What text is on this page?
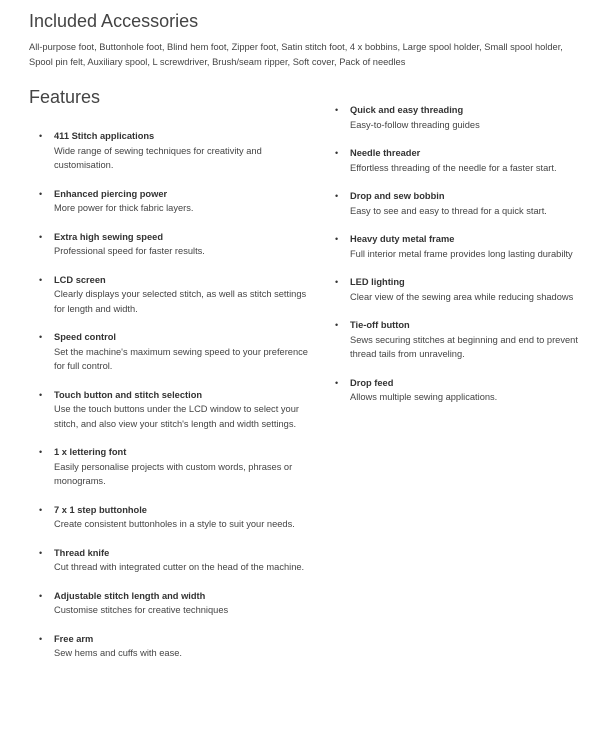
Included Accessories

All-purpose foot, Buttonhole foot, Blind hem foot, Zipper foot, Satin stitch foot, 4 x bobbins, Large spool holder, Small spool holder, Spool pin felt, Auxiliary spool, L screwdriver, Brush/seam ripper, Soft cover, Pack of needles

Features
• 411 Stitch applications
Wide range of sewing techniques for creativity and customisation.
• Enhanced piercing power
More power for thick fabric layers.
• Extra high sewing speed
Professional speed for faster results.
• LCD screen
Clearly displays your selected stitch, as well as stitch settings for length and width.
• Speed control
Set the machine's maximum sewing speed to your preference for full control.
• Touch button and stitch selection
Use the touch buttons under the LCD window to select your stitch, and also view your stitch's length and width settings.
• 1 x lettering font
Easily personalise projects with custom words, phrases or monograms.
• 7 x 1 step buttonhole
Create consistent buttonholes in a style to suit your needs.
• Thread knife
Cut thread with integrated cutter on the head of the machine.
• Adjustable stitch length and width
Customise stitches for creative techniques
• Free arm
Sew hems and cuffs with ease.
• Quick and easy threading
Easy-to-follow threading guides
• Needle threader
Effortless threading of the needle for a faster start.
• Drop and sew bobbin
Easy to see and easy to thread for a quick start.
• Heavy duty metal frame
Full interior metal frame provides long lasting durabilty
• LED lighting
Clear view of the sewing area while reducing shadows
• Tie-off button
Sews securing stitches at beginning and end to prevent thread tails from unraveling.
• Drop feed
Allows multiple sewing applications.
